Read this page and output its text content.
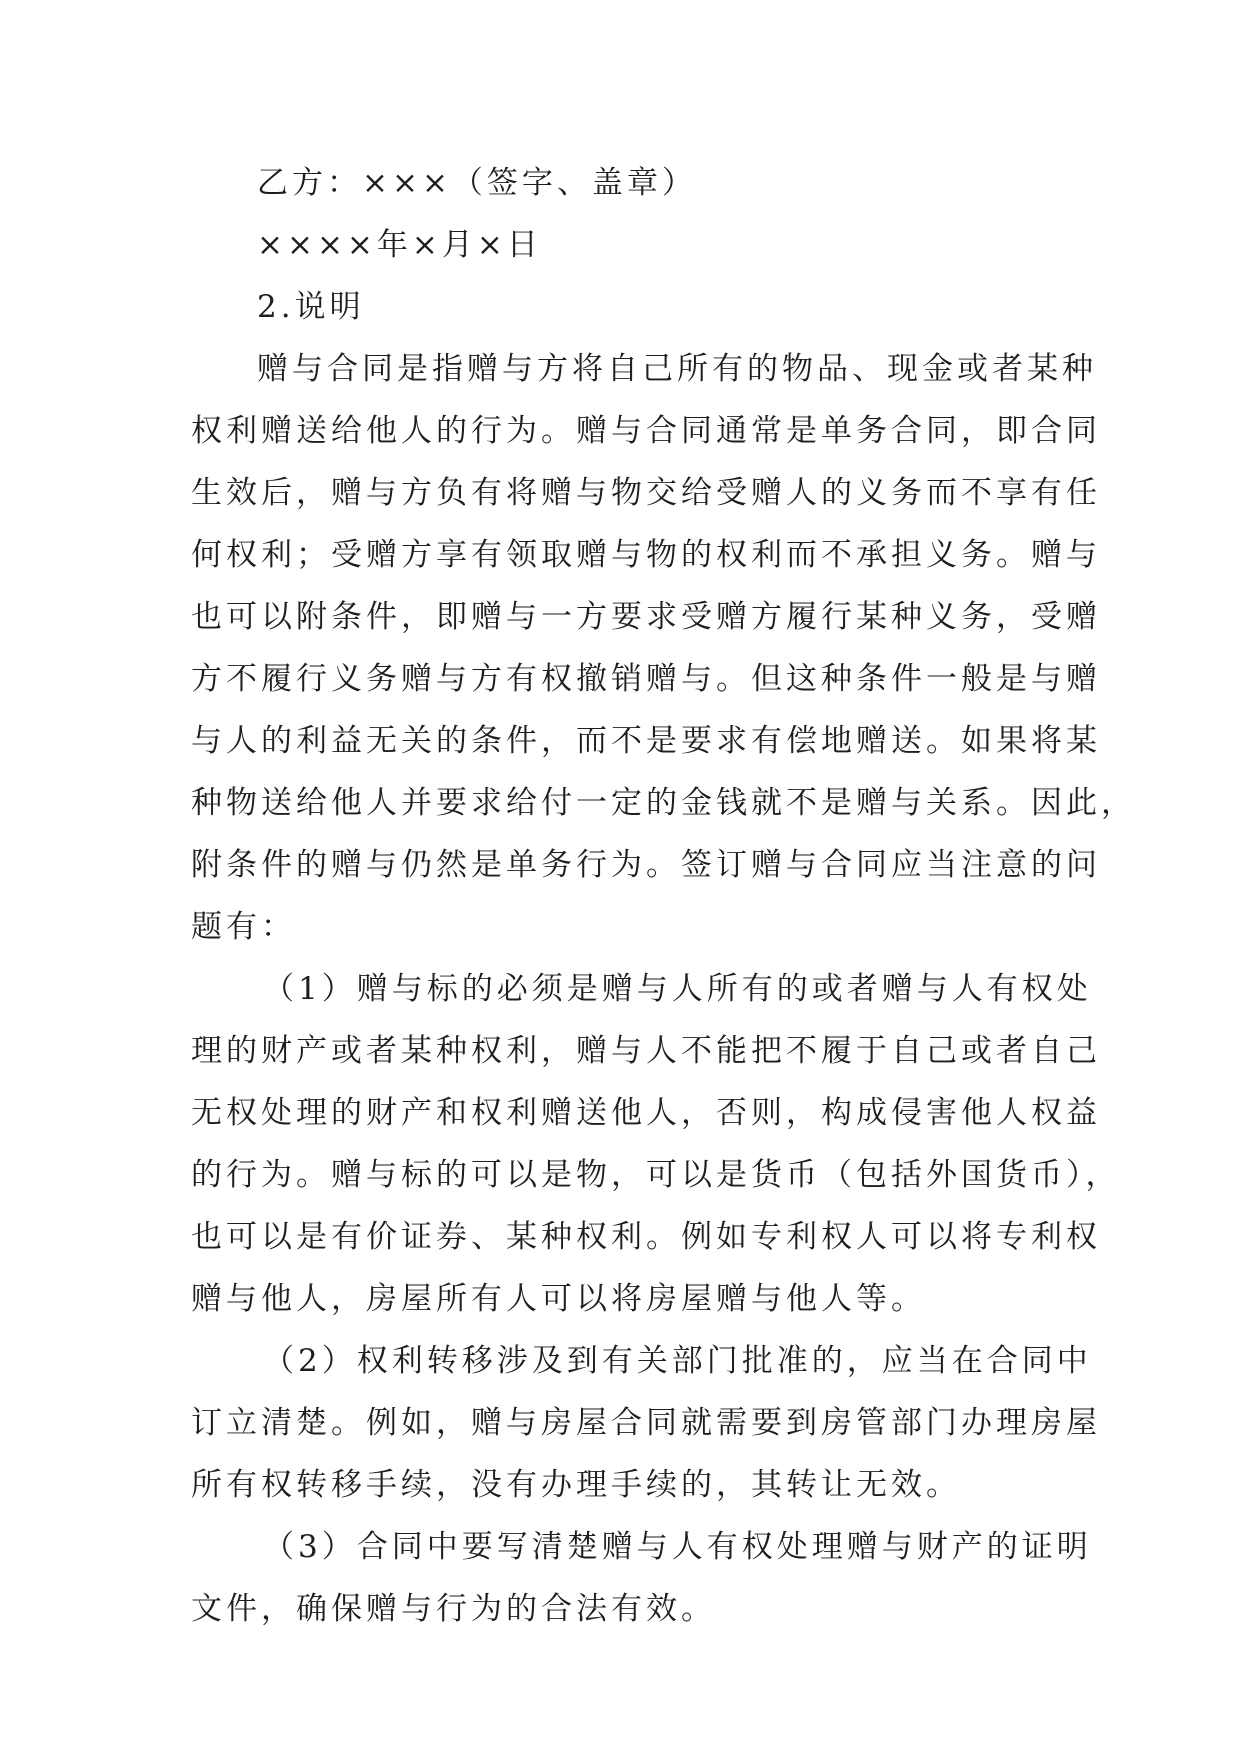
乙方：×××（签字、盖章）
××××年×月×日
2.说明
赠与合同是指赠与方将自己所有的物品、现金或者某种
权利赠送给他人的行为。赠与合同通常是单务合同，即合同
生效后，赠与方负有将赠与物交给受赠人的义务而不享有任
何权利；受赠方享有领取赠与物的权利而不承担义务。赠与
也可以附条件，即赠与一方要求受赠方履行某种义务，受赠
方不履行义务赠与方有权撤销赠与。但这种条件一般是与赠
与人的利益无关的条件，而不是要求有偿地赠送。如果将某
种物送给他人并要求给付一定的金钱就不是赠与关系。因此，
附条件的赠与仍然是单务行为。签订赠与合同应当注意的问
题有：
（1）赠与标的必须是赠与人所有的或者赠与人有权处
理的财产或者某种权利，赠与人不能把不履于自己或者自己
无权处理的财产和权利赠送他人，否则，构成侵害他人权益
的行为。赠与标的可以是物，可以是货币（包括外国货币），
也可以是有价证券、某种权利。例如专利权人可以将专利权
赠与他人，房屋所有人可以将房屋赠与他人等。
（2）权利转移涉及到有关部门批准的，应当在合同中
订立清楚。例如，赠与房屋合同就需要到房管部门办理房屋
所有权转移手续，没有办理手续的，其转让无效。
（3）合同中要写清楚赠与人有权处理赠与财产的证明
文件，确保赠与行为的合法有效。
